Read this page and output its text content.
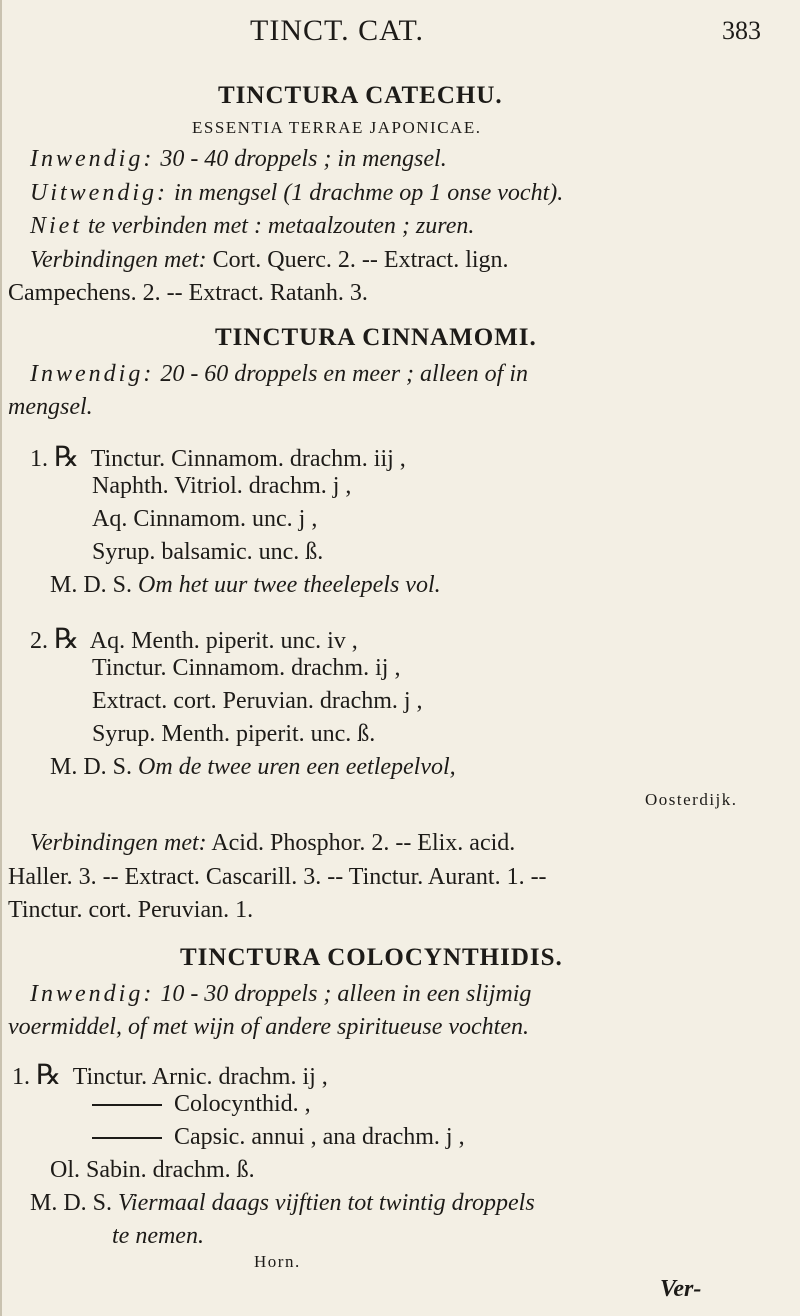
TINCT. CAT.	383
TINCTURA CATECHU.
ESSENTIA TERRAE JAPONICAE.
Inwendig: 30 - 40 droppels ; in mengsel.
Uitwendig: in mengsel (1 drachme op 1 onse vocht).
Niet te verbinden met : metaalzouten ; zuren.
Verbindingen met: Cort. Querc. 2. -- Extract. lign.
Campechens. 2. -- Extract. Ratanh. 3.
TINCTURA CINNAMOMI.
Inwendig: 20 - 60 droppels en meer ; alleen of in
mengsel.
1. ℞ Tinctur. Cinnamom. drachm. iij ,
Naphth. Vitriol. drachm. j ,
Aq. Cinnamom. unc. j ,
Syrup. balsamic. unc. ß.
M. D. S. Om het uur twee theelepels vol.
2. ℞ Aq. Menth. piperit. unc. iv ,
Tinctur. Cinnamom. drachm. ij ,
Extract. cort. Peruvian. drachm. j ,
Syrup. Menth. piperit. unc. ß.
M. D. S. Om de twee uren een eetlepelvol,
Oosterdijk.
Verbindingen met: Acid. Phosphor. 2. -- Elix. acid.
Haller. 3. -- Extract. Cascarill. 3. -- Tinctur. Aurant. 1. --
Tinctur. cort. Peruvian. 1.
TINCTURA COLOCYNTHIDIS.
Inwendig: 10 - 30 droppels ; alleen in een slijmig
voermiddel, of met wijn of andere spiritueuse vochten.
1. ℞ Tinctur. Arnic. drachm. ij ,
Colocynthid. ,
Capsic. annui , ana drachm. j ,
Ol. Sabin. drachm. ß.
M. D. S. Viermaal daags vijftien tot twintig droppels
te nemen.
Horn.
Ver-
